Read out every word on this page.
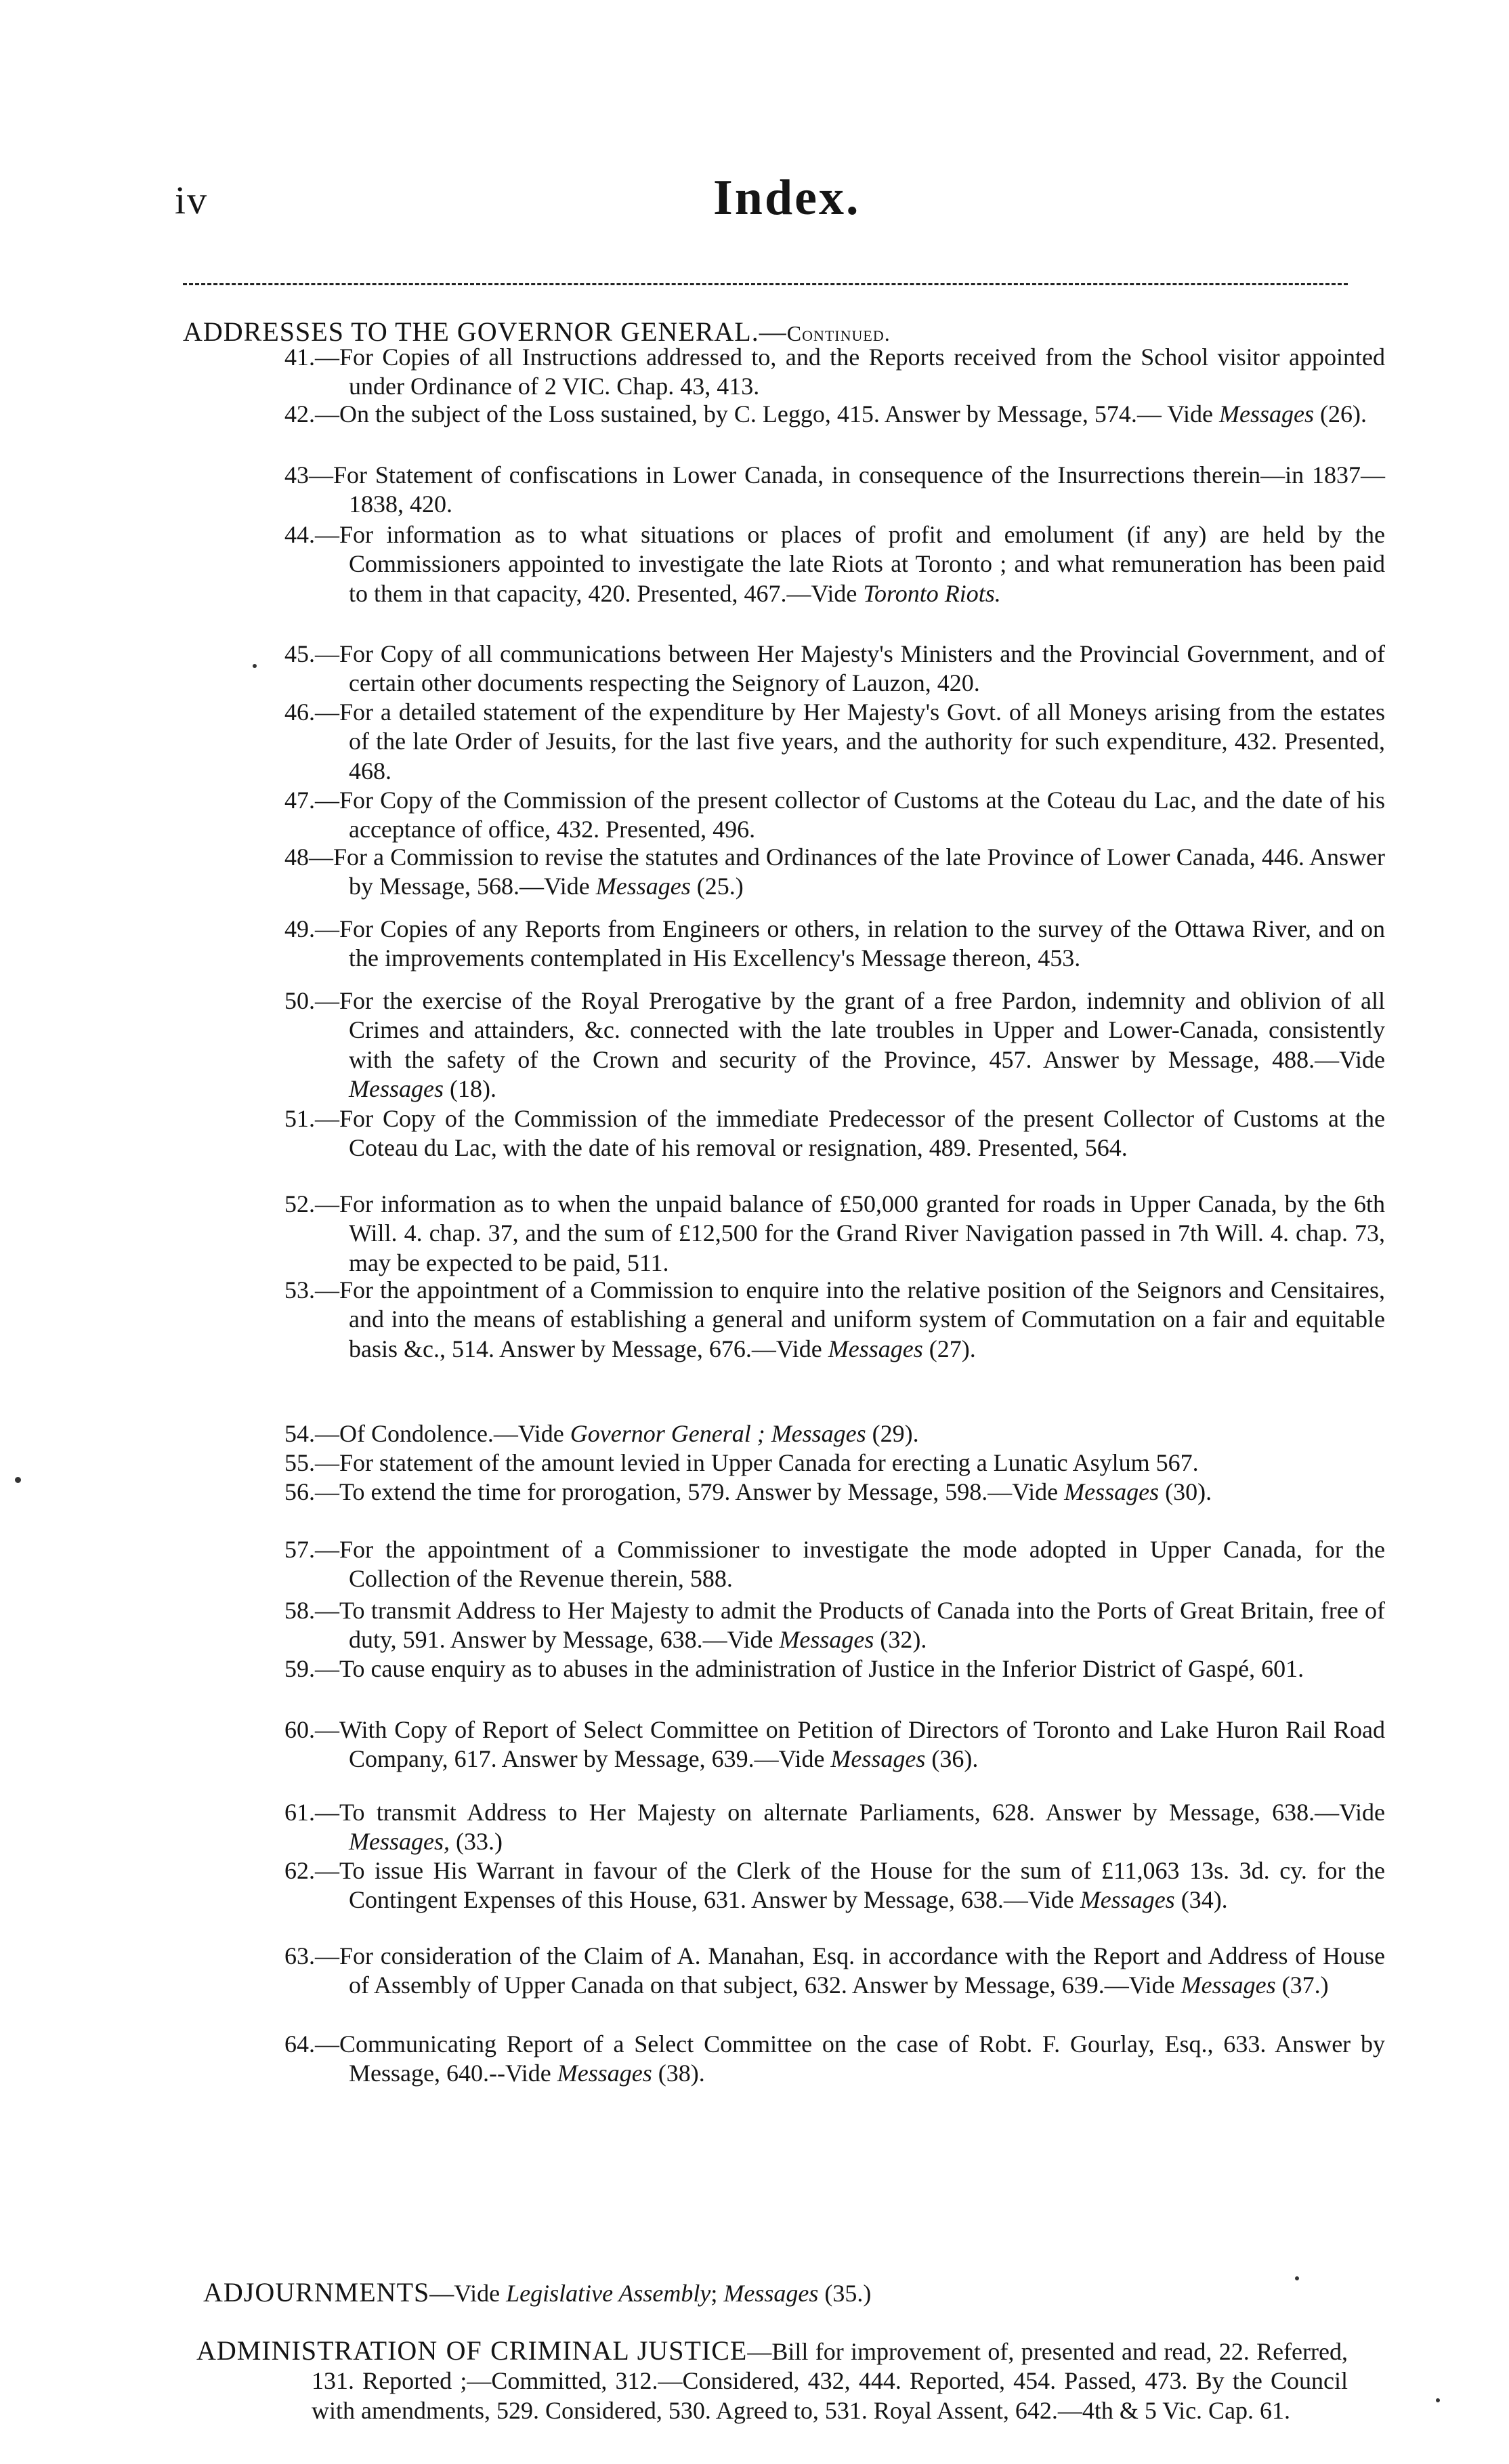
iv	Index.
ADDRESSES TO THE GOVERNOR GENERAL.—Continued.
41.—For Copies of all Instructions addressed to, and the Reports received from the School visitor appointed under Ordinance of 2 VIC. Chap. 43, 413.
42.—On the subject of the Loss sustained, by C. Leggo, 415. Answer by Message, 574.— Vide Messages (26).
43—For Statement of confiscations in Lower Canada, in consequence of the Insurrections therein—in 1837—1838, 420.
44.—For information as to what situations or places of profit and emolument (if any) are held by the Commissioners appointed to investigate the late Riots at Toronto ; and what remuneration has been paid to them in that capacity, 420. Presented, 467.—Vide Toronto Riots.
45.—For Copy of all communications between Her Majesty's Ministers and the Provincial Government, and of certain other documents respecting the Seignory of Lauzon, 420.
46.—For a detailed statement of the expenditure by Her Majesty's Govt. of all Moneys arising from the estates of the late Order of Jesuits, for the last five years, and the authority for such expenditure, 432. Presented, 468.
47.—For Copy of the Commission of the present collector of Customs at the Coteau du Lac, and the date of his acceptance of office, 432. Presented, 496.
48—For a Commission to revise the statutes and Ordinances of the late Province of Lower Canada, 446. Answer by Message, 568.—Vide Messages (25.)
49.—For Copies of any Reports from Engineers or others, in relation to the survey of the Ottawa River, and on the improvements contemplated in His Excellency's Message thereon, 453.
50.—For the exercise of the Royal Prerogative by the grant of a free Pardon, indemnity and oblivion of all Crimes and attainders, &c. connected with the late troubles in Upper and Lower-Canada, consistently with the safety of the Crown and security of the Province, 457. Answer by Message, 488.—Vide Messages (18).
51.—For Copy of the Commission of the immediate Predecessor of the present Collector of Customs at the Coteau du Lac, with the date of his removal or resignation, 489. Presented, 564.
52.—For information as to when the unpaid balance of £50,000 granted for roads in Upper Canada, by the 6th Will. 4. chap. 37, and the sum of £12,500 for the Grand River Navigation passed in 7th Will. 4. chap. 73, may be expected to be paid, 511.
53.—For the appointment of a Commission to enquire into the relative position of the Seignors and Censitaires, and into the means of establishing a general and uniform system of Commutation on a fair and equitable basis &c., 514. Answer by Message, 676.—Vide Messages (27).
54.—Of Condolence.—Vide Governor General ; Messages (29).
55.—For statement of the amount levied in Upper Canada for erecting a Lunatic Asylum 567.
56.—To extend the time for prorogation, 579. Answer by Message, 598.—Vide Messages (30).
57.—For the appointment of a Commissioner to investigate the mode adopted in Upper Canada, for the Collection of the Revenue therein, 588.
58.—To transmit Address to Her Majesty to admit the Products of Canada into the Ports of Great Britain, free of duty, 591. Answer by Message, 638.—Vide Messages (32).
59.—To cause enquiry as to abuses in the administration of Justice in the Inferior District of Gaspé, 601.
60.—With Copy of Report of Select Committee on Petition of Directors of Toronto and Lake Huron Rail Road Company, 617. Answer by Message, 639.—Vide Messages (36).
61.—To transmit Address to Her Majesty on alternate Parliaments, 628. Answer by Message, 638.—Vide Messages, (33.)
62.—To issue His Warrant in favour of the Clerk of the House for the sum of £11,063 13s. 3d. cy. for the Contingent Expenses of this House, 631. Answer by Message, 638.—Vide Messages (34).
63.—For consideration of the Claim of A. Manahan, Esq. in accordance with the Report and Address of House of Assembly of Upper Canada on that subject, 632. Answer by Message, 639.—Vide Messages (37.)
64.—Communicating Report of a Select Committee on the case of Robt. F. Gourlay, Esq., 633. Answer by Message, 640.--Vide Messages (38).
ADJOURNMENTS—Vide Legislative Assembly; Messages (35.)
ADMINISTRATION OF CRIMINAL JUSTICE—Bill for improvement of, presented and read, 22. Referred, 131. Reported ;—Committed, 312.—Considered, 432, 444. Reported, 454. Passed, 473. By the Council with amendments, 529. Considered, 530. Agreed to, 531. Royal Assent, 642.—4th & 5 Vic. Cap. 61.
